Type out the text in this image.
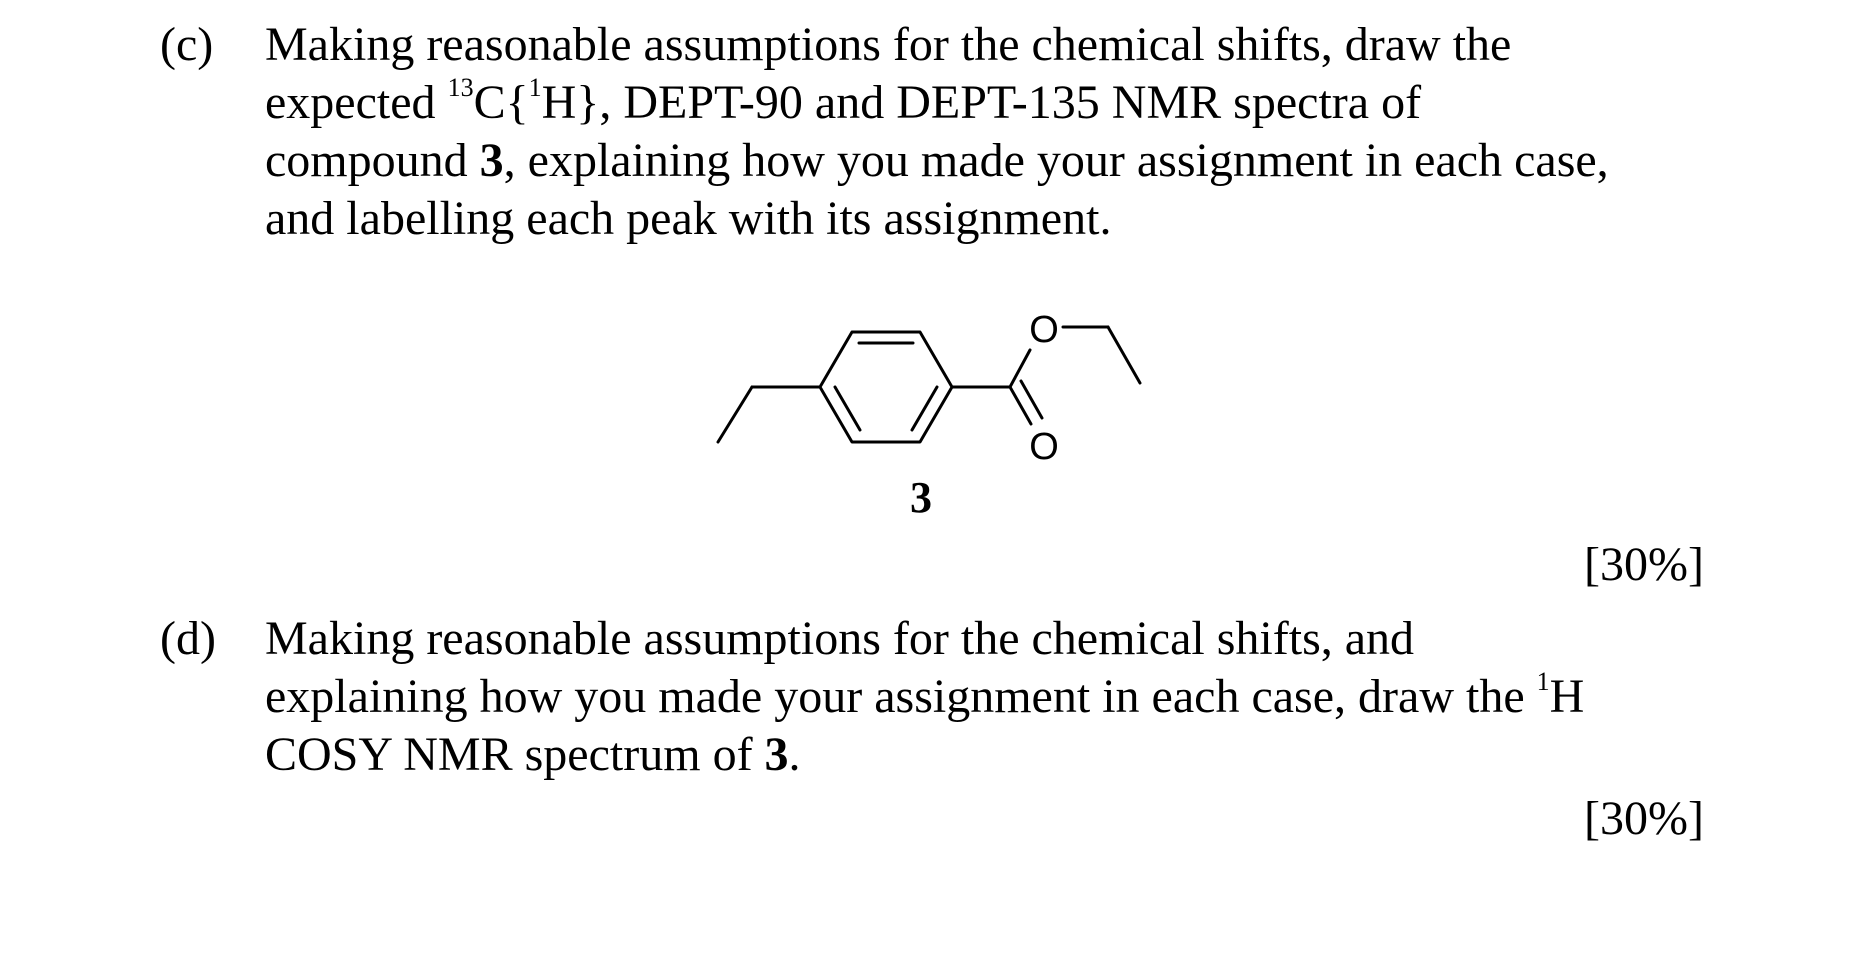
(c) Making reasonable assumptions for the chemical shifts, draw the
expected $^{13}$C{$^1$H}, DEPT-90 and DEPT-135 NMR spectra of
compound 3, explaining how you made your assignment in each case,
and labelling each peak with its assignment.
O
O
3
[30%]
(d) Making reasonable assumptions for the chemical shifts, and
explaining how you made your assignment in each case, draw the $^1$H
COSY NMR spectrum of 3.
[30%]
